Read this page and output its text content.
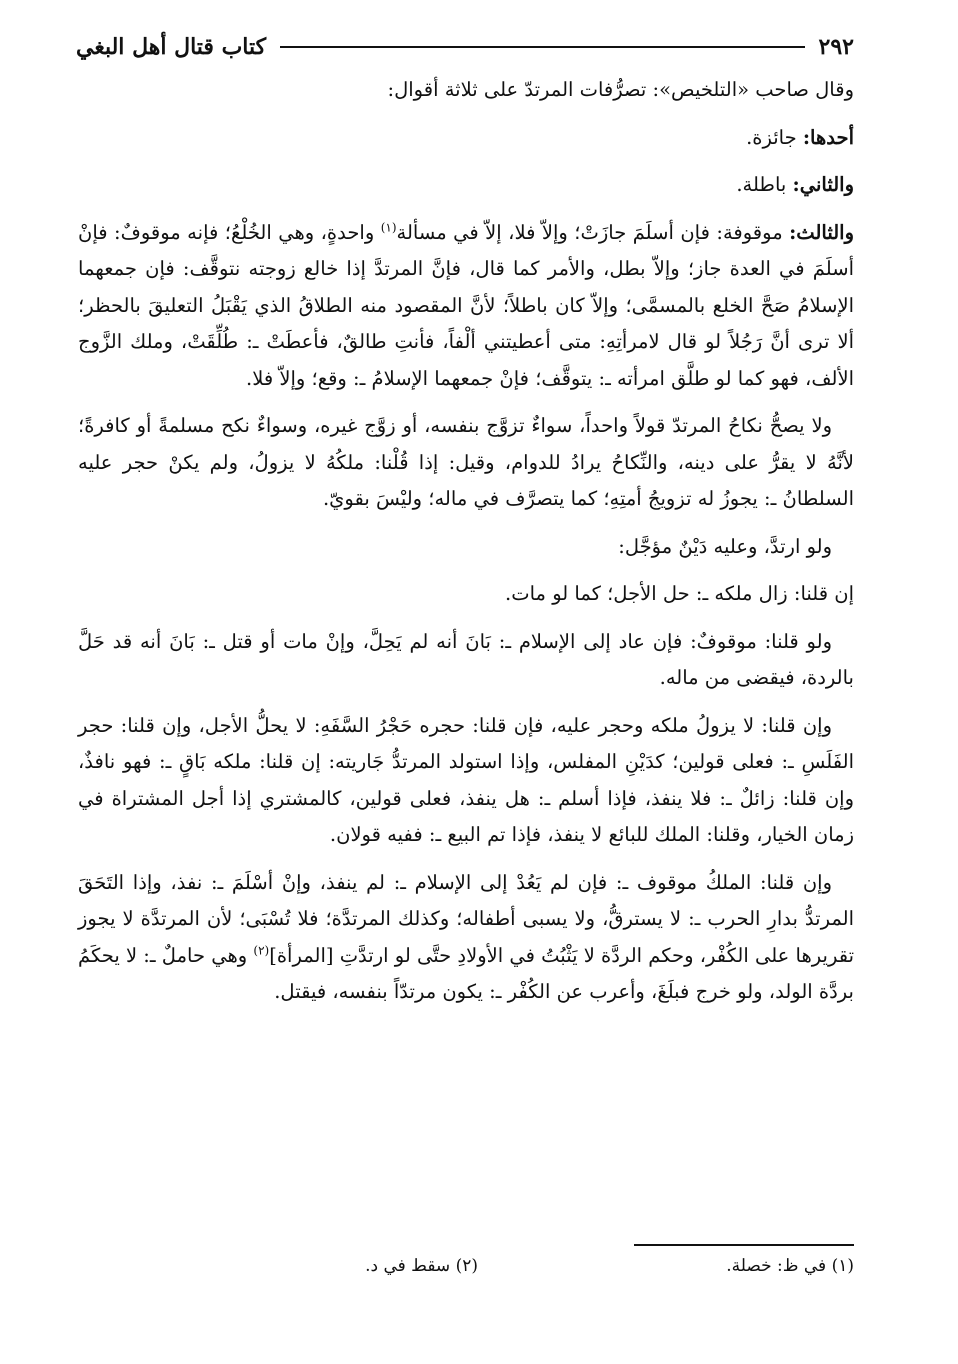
٢٩٢
كتاب قتال أهل البغي

وقال صاحب «التلخيص»: تصرُّفات المرتدّ على ثلاثة أقوال:

أحدها: جائزة.

والثاني: باطلة.

والثالث: موقوفة: فإن أسلَمَ جازَتْ؛ وإلاّ فلا، إلاّ في مسألة$^{(١)}$ واحدةٍ، وهي الخُلْعُ؛ فإنه موقوفٌ: فإنْ أسلَمَ في العدة جاز؛ وإلاّ بطل، والأمر كما قال، فإنَّ المرتدَّ إذا خالع زوجته نتوقَّف: فإن جمعهما الإسلامُ صَحَّ الخلع بالمسمَّى؛ وإلاّ كان باطلاً؛ لأنَّ المقصود منه الطلاقُ الذي يَقْبَلُ التعليقَ بالحظر؛ ألا ترى أنَّ رَجُلاً لو قال لامرأتِهِ: متى أعطيتني ألْفاً، فأنتِ طالقٌ، فأعطَتْ ـ: طُلِّقَتْ، وملك الزَّوج الألف، فهو كما لو طلَّق امرأته ـ: يتوقَّف؛ فإنْ جمعهما الإسلامُ ـ: وقع؛ وإلاّ فلا.

ولا يصحُّ نكاحُ المرتدّ قولاً واحداً، سواءٌ تزوَّج بنفسه، أو زوَّج غيره، وسواءٌ نكح مسلمةً أو كافرةً؛ لأنَّهُ لا يقرُّ على دينه، والنِّكاحُ يرادُ للدوام، وقيل: إذا قُلْنا: ملكُهُ لا يزولُ، ولم يكنْ حجر عليه السلطانُ ـ: يجوزُ له تزويجُ أمتِهِ؛ كما يتصرَّف في ماله؛ وليْسَ بقويّ.

ولو ارتدَّ، وعليه دَيْنٌ مؤجَّل:

إن قلنا: زال ملكه ـ: حل الأجل؛ كما لو مات.

ولو قلنا: موقوفٌ: فإن عاد إلى الإسلام ـ: بَانَ أنه لم يَحِلَّ، وإنْ مات أو قتل ـ: بَانَ أنه قد حَلَّ بالردة، فيقضى من ماله.

وإن قلنا: لا يزولُ ملكه وحجر عليه، فإن قلنا: حجره حَجْرُ السَّفَهِ: لا يحلُّ الأجل، وإن قلنا: حجر الفَلَسِ ـ: فعلى قولين؛ كدَيْنِ المفلس، وإذا استولد المرتدُّ جَاريته: إن قلنا: ملكه بَاقٍ ـ: فهو نافذٌ، وإن قلنا: زائلٌ ـ: فلا ينفذ، فإذا أسلم ـ: هل ينفذ، فعلى قولين، كالمشتري إذا أجل المشتراة في زمان الخيار، وقلنا: الملك للبائع لا ينفذ، فإذا تم البيع ـ: ففيه قولان.

وإن قلنا: الملكُ موقوف ـ: فإن لم يَعُدْ إلى الإسلام ـ: لم ينفذ، وإنْ أسْلَمَ ـ: نفذ، وإذا التَحَقَ المرتدُّ بدارِ الحرب ـ: لا يسترقُّ، ولا يسبى أطفاله؛ وكذلك المرتدَّة؛ فلا تُسْبَى؛ لأن المرتدَّة لا يجوز تقريرها على الكُفْر، وحكم الردَّة لا يَثْبُتُ في الأولادِ حتَّى لو ارتدَّتِ [المرأة]$^{(٢)}$ وهي حاملٌ ـ: لا يحكَمُ بردَّة الولد، ولو خرج فبلَغَ، وأعرب عن الكُفْر ـ: يكون مرتدّاً بنفسه، فيقتل.

(١) في ظ: خصلة.
(٢) سقط في د.
